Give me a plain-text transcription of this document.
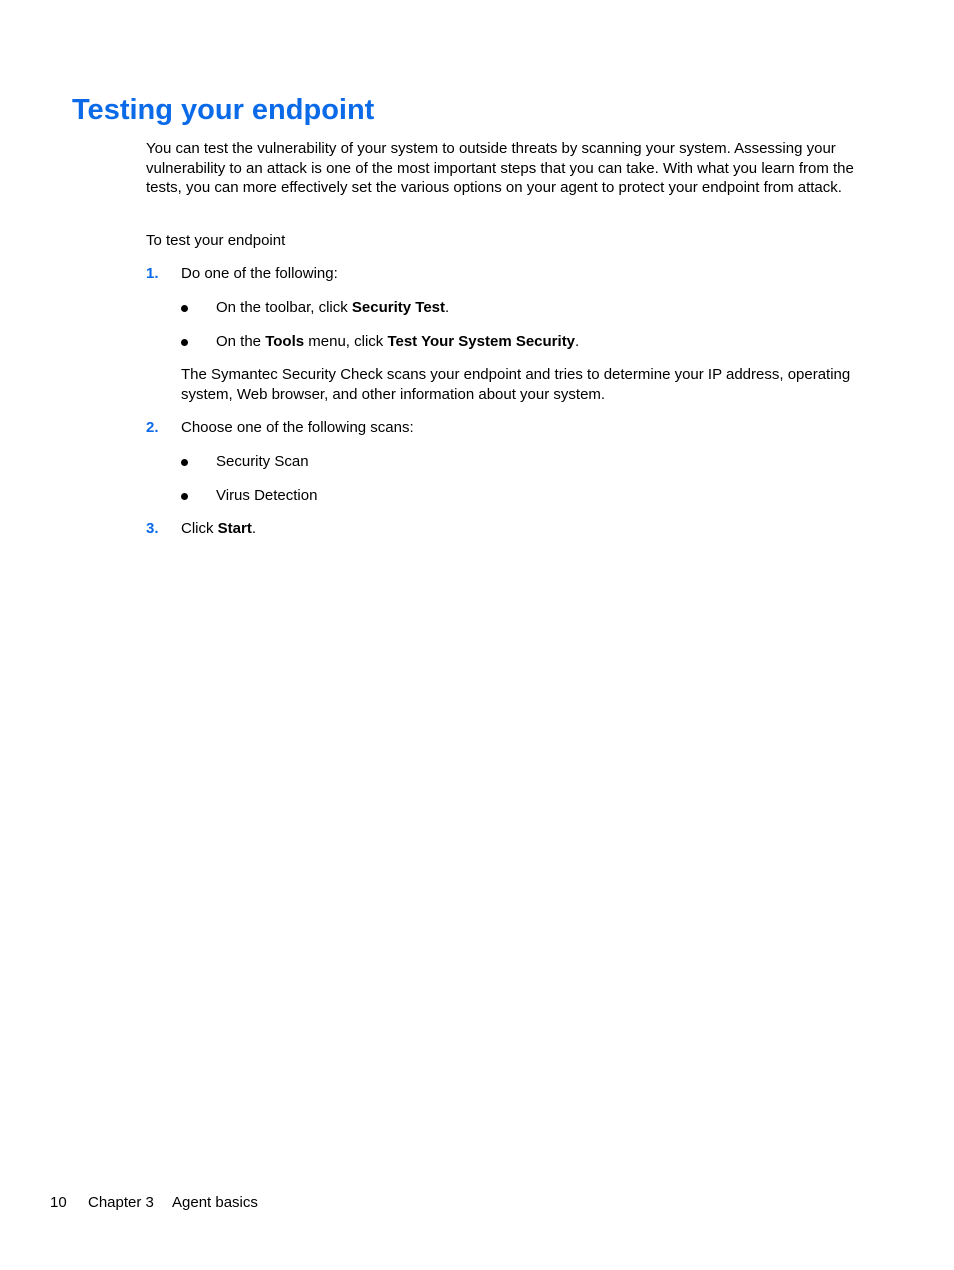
Testing your endpoint

You can test the vulnerability of your system to outside threats by scanning your system. Assessing your vulnerability to an attack is one of the most important steps that you can take. With what you learn from the tests, you can more effectively set the various options on your agent to protect your endpoint from attack.

To test your endpoint

1. Do one of the following:
On the toolbar, click Security Test.
On the Tools menu, click Test Your System Security.

The Symantec Security Check scans your endpoint and tries to determine your IP address, operating system, Web browser, and other information about your system.

2. Choose one of the following scans:
Security Scan
Virus Detection
3. Click Start.
10 Chapter 3 Agent basics
